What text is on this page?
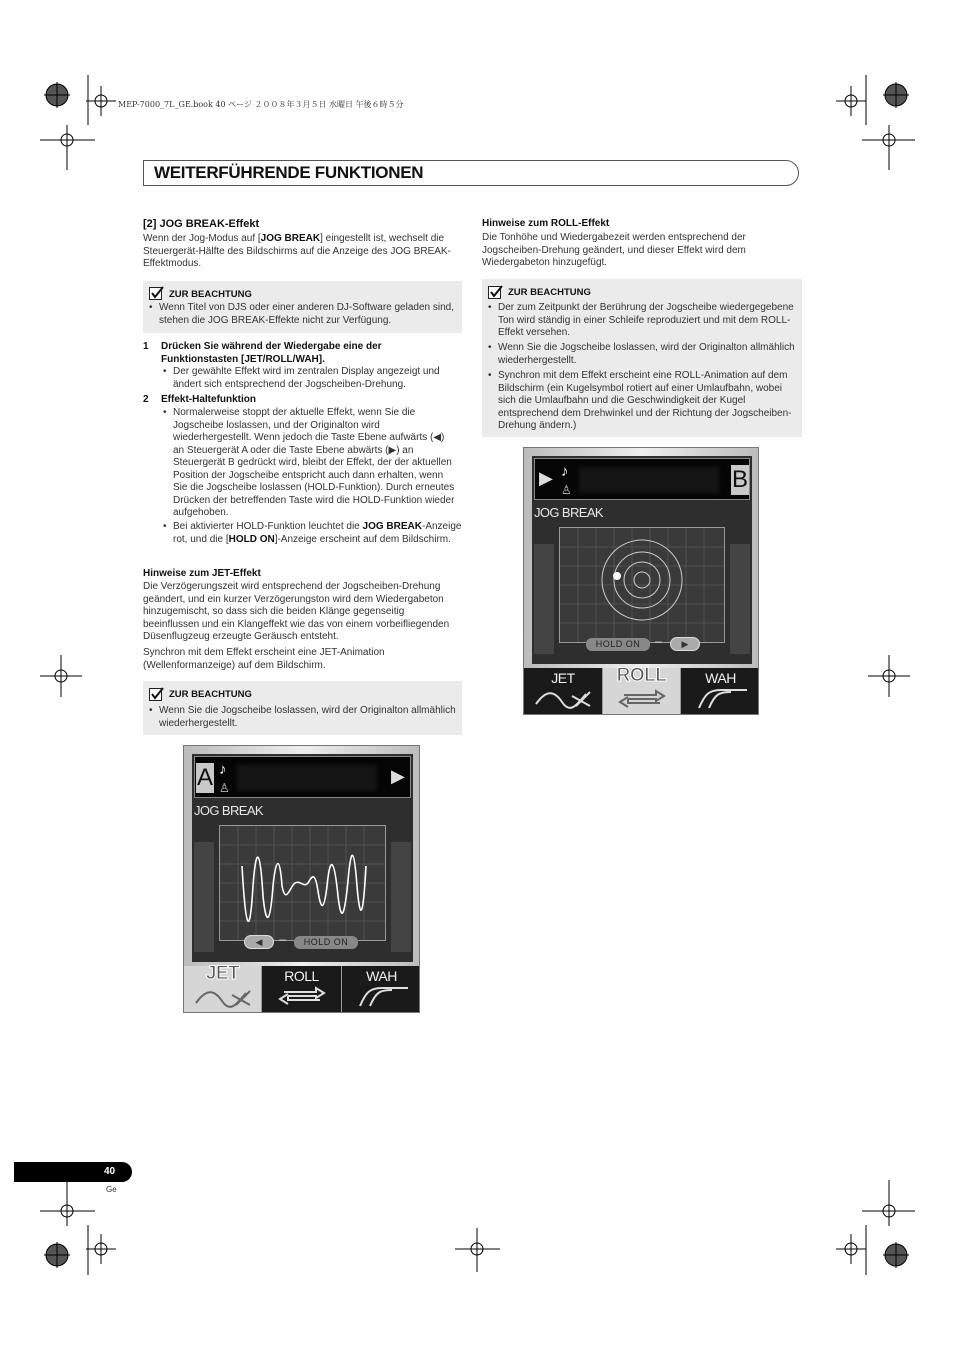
MEP-7000_7L_GE.book 40 ページ ２００８年３月５日 水曜日 午後６時５分
WEITERFÜHRENDE FUNKTIONEN
[2] JOG BREAK-Effekt
Wenn der Jog-Modus auf [JOG BREAK] eingestellt ist, wechselt die Steuergerät-Hälfte des Bildschirms auf die Anzeige des JOG BREAK-Effektmodus.
ZUR BEACHTUNG
• Wenn Titel von DJS oder einer anderen DJ-Software geladen sind, stehen die JOG BREAK-Effekte nicht zur Verfügung.
1 Drücken Sie während der Wiedergabe eine der Funktionstasten [JET/ROLL/WAH].
• Der gewählte Effekt wird im zentralen Display angezeigt und ändert sich entsprechend der Jogscheiben-Drehung.
2 Effekt-Haltefunktion
• Normalerweise stoppt der aktuelle Effekt, wenn Sie die Jogscheibe loslassen, und der Originalton wird wiederhergestellt. Wenn jedoch die Taste Ebene aufwärts (◀) an Steuergerät A oder die Taste Ebene abwärts (▶) an Steuergerät B gedrückt wird, bleibt der Effekt, der der aktuellen Position der Jogscheibe entspricht auch dann erhalten, wenn Sie die Jogscheibe loslassen (HOLD-Funktion). Durch erneutes Drücken der betreffenden Taste wird die HOLD-Funktion wieder aufgehoben.
• Bei aktivierter HOLD-Funktion leuchtet die JOG BREAK-Anzeige rot, und die [HOLD ON]-Anzeige erscheint auf dem Bildschirm.
Hinweise zum JET-Effekt
Die Verzögerungszeit wird entsprechend der Jogscheiben-Drehung geändert, und ein kurzer Verzögerungston wird dem Wiedergabeton hinzugemischt, so dass sich die beiden Klänge gegenseitig beeinflussen und ein Klangeffekt wie das von einem vorbeifliegenden Düsenflugzeug erzeugte Geräusch entsteht.
Synchron mit dem Effekt erscheint eine JET-Animation (Wellenformanzeige) auf dem Bildschirm.
ZUR BEACHTUNG
• Wenn Sie die Jogscheibe loslassen, wird der Originalton allmählich wiederhergestellt.
A ♪
♙
▶
JOG BREAK
◀	–	HOLD ON
JET	ROLL	WAH
Hinweise zum ROLL-Effekt
Die Tonhöhe und Wiedergabezeit werden entsprechend der Jogscheiben-Drehung geändert, und dieser Effekt wird dem Wiedergabeton hinzugefügt.
ZUR BEACHTUNG
• Der zum Zeitpunkt der Berührung der Jogscheibe wiedergegebene Ton wird ständig in einer Schleife reproduziert und mit dem ROLL-Effekt versehen.
• Wenn Sie die Jogscheibe loslassen, wird der Originalton allmählich wiederhergestellt.
• Synchron mit dem Effekt erscheint eine ROLL-Animation auf dem Bildschirm (ein Kugelsymbol rotiert auf einer Umlaufbahn, wobei sich die Umlaufbahn und die Geschwindigkeit der Kugel entsprechend dem Drehwinkel und der Richtung der Jogscheiben-Drehung ändern.)
▶ ♪
♙	B
JOG BREAK
HOLD ON	–	▶
JET	ROLL	WAH
40
Ge
